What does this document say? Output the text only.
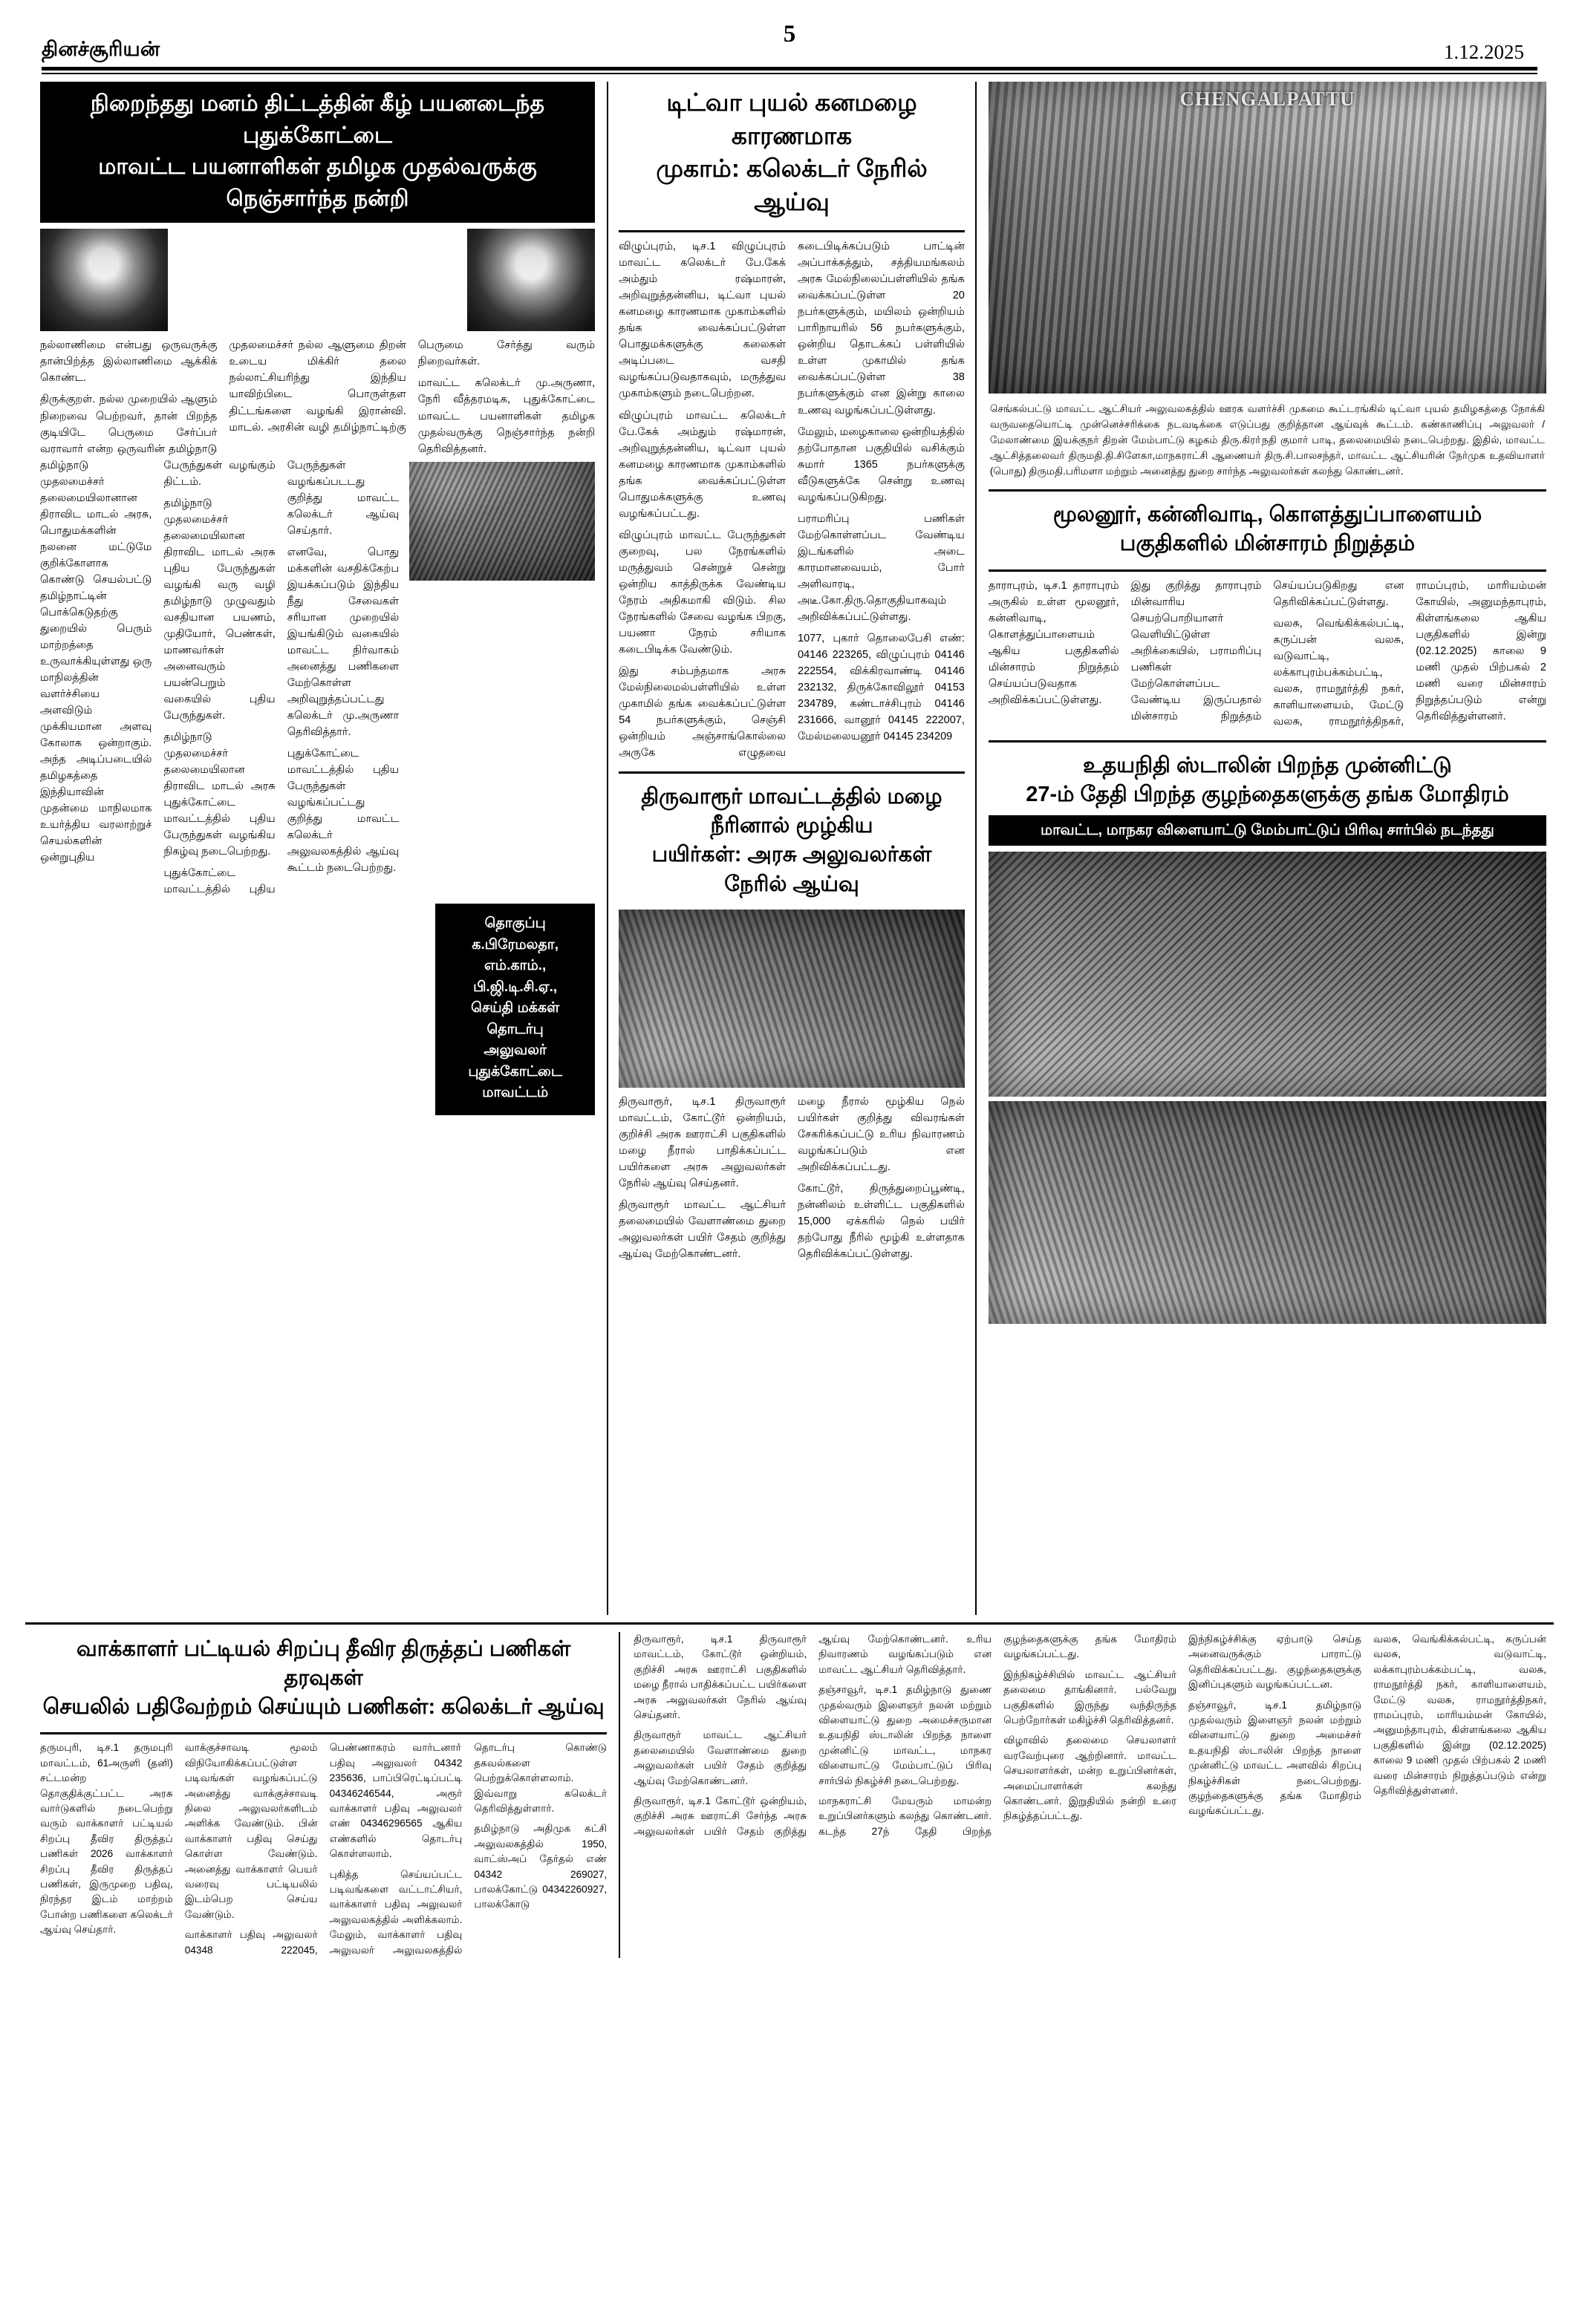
தினச்சூரியன்	1.12.2025
5
நிறைந்தது மனம் திட்டத்தின் கீழ் பயனடைந்த புதுக்கோட்டை
மாவட்ட பயனாளிகள் தமிழக முதல்வருக்கு நெஞ்சார்ந்த நன்றி

நல்லாணிமை என்பது ஒருவருக்கு தான்பிற்த்த இல்லாணிமை ஆக்கிக் கொண்ட.

திருக்குறள். நல்ல முறையில் ஆளும் நிறைவை பெற்றவர், தான் பிறந்த குடியிடே பெருமை சேர்ப்பர் வராவார் என்ற ஒருவரின் தமிழ்நாடு முதலமைச்சர் நல்ல ஆளுமை திறன் உடைய மிக்கிர் தலை நல்லாட்சியரிந்து இந்திய யாவிற்பிடை பொருள்தள திட்டங்களை வழங்கி இரான்வி. மாடல். அரசின் வழி தமிழ்நாட்டிற்கு பெருமை சேர்த்து வரும் நிறைவர்கள்.

மாவட்ட கலெக்டர் மு.அருணா, நேரி வீ‌த்‌‌தரமடிக, புதுக்கோட்டை மாவட்ட பயனாளிகள் தமிழக முதல்வருக்கு நெஞ்சார்ந்த நன்றி தெரிவித்தனர்.

தமிழ்நாடு முதலமைச்சர் தலைமையிலானான திராவிட மாடல் அரசு, பொதுமக்களின் நலனை மட்டுமே குறிக்கோளாக கொண்டு செயல்பட்டு தமிழ்நாட்டின் பொக்கெடுதற்கு துறையில் பெரும் மாற்றத்தை உருவாக்கியுள்ளது ஒரு மாநிலத்தின் வளர்ச்சியை அளவிடும் முக்கியமான அளவு கோலாக ஒன்றாகும். அந்த அடிப்படையில் தமிழகத்தை இந்தியாவின் முதன்மை மாநிலமாக உயர்த்திய வரலாற்றுச் செயல்களின் ஒன்றுபுதிய பேருந்துகள் வழங்கும் திட்டம்.

தமிழ்நாடு முதலமைச்சர் தலைமையிலான திராவிட மாடல் அரசு புதிய பேருந்துகள் வழங்கி வரு வழி தமிழ்நாடு முழுவதும் வசதியான பயணம், முதியோர், பெண்கள், மாணவர்கள் அனைவரும் பயன்பெறும் வகையில் புதிய பேருந்துகள்.

தமிழ்நாடு முதலமைச்சர் தலைமையிலான திராவிட மாடல் அரசு புதுக்கோட்டை மாவட்டத்தில் புதிய பேருந்துகள் வழங்கிய நிகழ்வு நடைபெற்றது.

புதுக்கோட்டை மாவட்டத்தில் புதிய பேருந்துகள் வழங்கப்படடது குறித்து மாவட்ட கலெக்டர் ஆய்வு செய்தார்.

எனவே, பொது மக்களின் வசதிக்கேற்ப இயக்கப்படும் இந்திய நீது சேவைகள் சரியான முறையில் இயங்கிடும் வகையில் மாவட்ட நிர்வாகம் அனைத்து பணிகளை மேற்கொள்ள அறிவுறுத்தப்பட்டது கலெக்டர் மு.அருணா தெரிவித்தார்.

புதுக்கோட்டை மாவட்டத்தில் புதிய பேருந்துகள் வழங்கப்பட்டது குறித்து மாவட்ட கலெக்டர் அலுவலகத்தில் ஆய்வு கூட்டம் நடைபெற்றது.

தொகுப்பு
க.பிரேமலதா,
எம்.காம்., பி.ஜி.டி.சி.ஏ.,
செய்தி மக்கள் தொடர்பு
அலுவலர்
புதுக்கோட்டை மாவட்டம்
டிட்வா புயல் கனமழை காரணமாக
முகாம்: கலெக்டர் நேரில் ஆய்வு

விழுப்புரம், டிச.1 விழுப்புரம் மாவட்ட கலெக்டர் பே.கேக் அம்தும் ரஷ்மாரன், அறிவுறுத்தன்னிய, டிட்வா புயல் கனமழை காரணமாக முகாம்களில் தங்க வைக்கப்பட்டுள்ள பொதுமக்களுக்கு கலைகள் அடிப்படை வசதி வழங்கப்படுவதாகவும், மருத்துவ முகாம்களும் நடைபெற்றன.

விழுப்புரம் மாவட்ட கலெக்டர் பே.கேக் அம்தும் ரஷ்மாரன், அறிவுறுத்தன்னிய, டிட்வா புயல் கனமழை காரணமாக முகாம்களில் தங்க வைக்கப்பட்டுள்ள பொதுமக்களுக்கு உணவு வழங்கப்பட்டது.

விழுப்புரம் மாவட்ட பேருந்துகள் குறைவு, பல நேரங்களில் மருத்துவம் சென்றுச் சென்று ஒன்றிய காத்திருக்க வேண்டிய நேரம் அதிகமாகி விடும். சில நேரங்களில் சேவை வழங்க பிறகு, பயணா நேரம் சரியாக கடைபிடிக்க வேண்டும்.

இது சம்பந்தமாக அரசு மேல்நிலைமல்பள்ளியில் உள்ள முகாமில் தங்க வைக்கப்பட்டுள்ள 54 நபர்களுக்கும், செஞ்சி ஒன்றியம் அஞ்சாங்கொல்லை அருகே எழுதவை கடைபிடிக்கப்படும் பாட்டின் அப்பாக்கத்தும், சத்தியமங்கலம் அரசு மேல்நிலைப்பள்ளியில் தங்க வைக்கப்பட்டுள்ள 20 நபர்களுக்கும், மயிலம் ஒன்றியம் பாரிநாயரில் 56 நபர்களுக்கும், ஒன்றிய தொடக்கப் பள்ளியில் உள்ள முகாமில் தங்க வைக்கப்பட்டுள்ள 38 நபர்களுக்கும் என இன்று காலை உணவு வழங்கப்பட்டுள்ளது.

மேலும், மழைகாலை ஒன்றியத்தில் தற்போதான பகுதியில் வசிக்கும் சுமார் 1365 நபர்களுக்கு வீடுகளுக்கே சென்று உணவு வழங்கப்படுகிறது.

பராமரிப்பு பணிகள் மேற்கொள்ளப்பட வேண்டிய இடங்களில் அடை காரமானவையம், போர் அளிவாரடி, அடீ.கோ.திரு.தொகுதியாகவும் அறிவிக்கப்பட்டுள்ளது.

1077, புகார் தொலைபேசி எண்: 04146 223265, விழுப்புரம் 04146 222554, விக்கிரவாண்டி 04146 232132, திருக்கோவிலூர் 04153 234789, கண்டாச்சிபுரம் 04146 231666, வானூர் 04145 222007, மேல்மலையனூர் 04145 234209

திருவாரூர் மாவட்டத்தில் மழை நீரினால் மூழ்கிய
பயிர்கள்: அரசு அலுவலர்கள் நேரில் ஆய்வு

திருவாரூர், டிச.1 திருவாரூர் மாவட்டம், கோட்டூர் ஒன்றியம், குறிச்சி அரசு ஊராட்சி பகுதிகளில் மழை நீரால் பாதிக்கப்பட்ட பயிர்களை அரசு அலுவலர்கள் நேரில் ஆய்வு செய்தனர்.

திருவாரூர் மாவட்ட ஆட்சியர் தலைமையில் வேளாண்மை துறை அலுவலர்கள் பயிர் சேதம் குறித்து ஆய்வு மேற்கொண்டனர்.

மழை நீரால் மூழ்கிய நெல் பயிர்கள் குறித்து விவரங்கள் சேகரிக்கப்பட்டு உரிய நிவாரணம் வழங்கப்படும் என அறிவிக்கப்பட்டது.

கோட்டூர், திருத்துறைப்பூண்டி, நன்னிலம் உள்ளிட்ட பகுதிகளில் 15,000 ஏக்கரில் நெல் பயிர் தற்போது நீரில் மூழ்கி உள்ளதாக தெரிவிக்கப்பட்டுள்ளது.

CHENGALPATTU
செங்கல்பட்டு மாவட்ட ஆட்சியர் அலுவலகத்தில் ஊரக வளர்ச்சி முகமை கூட்டரங்கில் டிட்வா புயல் தமிழகத்தை நோக்கி வருவதையொட்டி முன்னெச்சரிக்கை நடவடிக்கை எடுப்பது குறித்தான ஆய்வுக் கூட்டம். கண்காணிப்பு அலுவலர் / மேலாண்மை இயக்குநர் திறன் மேம்பாட்டு கழகம் திரு.கிரா்நதி குமார் பாடி, தலைமையில் நடைபெற்றது. இதில், மாவட்ட ஆட்சித்தலைவர் திருமதி.தி.சிளேகா,மாநகராட்சி ஆணையர் திரு.சி.பாலசந்தர், மாவட்ட ஆட்சியரின் நேர்முக உதவியாளர் (பொது) திருமதி.பரிமளா மற்றும் அனைத்து துறை சார்ந்த அலுவலர்கள் கலந்து கொண்டனர்.
மூலனூர், கன்னிவாடி, கொளத்துப்பாளையம்
பகுதிகளில் மின்சாரம் நிறுத்தம்

தாராபுரம், டிச.1 தாராபுரம் அருகில் உள்ள மூலனூர், கன்னிவாடி, கொளத்துப்பாளையம் ஆகிய பகுதிகளில் மின்சாரம் நிறுத்தம் செய்யப்படுவதாக அறிவிக்கப்பட்டுள்ளது.

இது குறித்து தாராபுரம் மின்வாரிய செயற்பொறியாளர் வெளியிட்டுள்ள அறிக்கையில், பராமரிப்பு பணிகள் மேற்கொள்ளப்பட வேண்டிய இருப்பதால் மின்சாரம் நிறுத்தம் செய்யப்படுகிறது என தெரிவிக்கப்பட்டுள்ளது.

வலசு, வெங்கிக்கல்பட்டி, கருப்பன் வலசு, வடுவாட்டி, லக்காபுரம்பக்கம்பட்டி, வலசு, ராமநூர்த்தி நகர், காளியாளையம், மேட்டு வலசு, ராமநூர்த்திநகர், ராமப்புரம், மாரியம்மன் கோயில், அனுமந்தாபுரம், கிள்ளங்கலை ஆகிய பகுதிகளில் இன்று (02.12.2025) காலை 9 மணி முதல் பிற்பகல் 2 மணி வரை மின்சாரம் நிறுத்தப்படும் என்று தெரிவித்துள்ளனர்.

உதயநிதி ஸ்டாலின் பிறந்த முன்னிட்டு
27-ம் தேதி பிறந்த குழந்தைகளுக்கு தங்க மோதிரம்
மாவட்ட, மாநகர விளையாட்டு மேம்பாட்டுப் பிரிவு சார்பில் நடந்தது
வாக்காளர் பட்டியல் சிறப்பு தீவிர திருத்தப் பணிகள் தரவுகள்
செயலில் பதிவேற்றம் செய்யும் பணிகள்: கலெக்டர் ஆய்வு

தருமபுரி, டிச.1 தருமபுரி மாவட்டம், 61அருளி (தனி) சட்டமன்ற தொகுதிக்குட்பட்ட அரசு வார்டுகளில் நடைபெற்று வரும் வாக்காளர் பட்டியல் சிறப்பு தீவிர திருத்தப் பணிகள் 2026 வாக்காளர் சிறப்பு தீவிர திருத்தப் பணிகள், இருமுறை பதிவு, நிரந்தர இடம் மாற்றம் போன்ற பணிகளை கலெக்டர் ஆய்வு செய்தார்.

வாக்குச்சாவடி மூலம் விநியோகிக்கப்பட்டுள்ள படிவங்கள் வழங்கப்பட்டு அனைத்து வாக்குச்சாவடி நிலை அலுவலர்களிடம் அளிக்க வேண்டும். பின் வாக்காளர் பதிவு செய்து கொள்ள வேண்டும். அனைத்து வாக்காளர் பெயர் வரைவு பட்டியலில் இடம்பெற செய்ய வேண்டும்.

வாக்காளர் பதிவு அலுவலர் 04348 222045, பெண்ணாகரம் வார்டனாா் பதிவு அலுவலர் 04342 235636, பாப்பிரெட்டிப்பட்டி 04346246544, அரூர் வாக்காளர் பதிவு அலுவலர் எண் 04346296565 ஆகிய எண்களில் தொடர்பு கொள்ளலாம்.

புகித்த செய்யப்பட்ட படிவங்களை வட்டாட்சியர், வாக்காளர் பதிவு அலுவலர் அலுவலகத்தில் அளிக்கலாம். மேலும், வாக்காளர் பதிவு அலுவலர் அலுவலகத்தில் தொடர்பு கொண்டு தகவல்களை பெற்றுக்கொள்ளலாம். இவ்வாறு கலெக்டர் தெரிவித்துள்ளார்.

தமிழ்நாடு அதிமுக கட்சி அலுவலகத்தில் 1950, வாட்ஸ்அப் தேர்தல் எண் 04342 269027, பாலக்கோட்டு 04342260927, பாலக்கோடு

திருவாரூர், டிச.1 திருவாரூர் மாவட்டம், கோட்டூர் ஒன்றியம், குறிச்சி அரசு ஊராட்சி பகுதிகளில் மழை நீரால் பாதிக்கப்பட்ட பயிர்களை அரசு அலுவலர்கள் நேரில் ஆய்வு செய்தனர்.

திருவாரூர் மாவட்ட ஆட்சியர் தலைமையில் வேளாண்மை துறை அலுவலர்கள் பயிர் சேதம் குறித்து ஆய்வு மேற்கொண்டனர்.

திருவாரூர், டிச.1 கோட்டூர் ஒன்றியம், குறிச்சி அரசு ஊராட்சி சேர்ந்த அரசு அலுவலர்கள் பயிர் சேதம் குறித்து ஆய்வு மேற்கொண்டனர். உரிய நிவாரணம் வழங்கப்படும் என மாவட்ட ஆட்சியர் தெரிவித்தார்.

தஞ்சாவூர், டிச.1 தமிழ்நாடு துணை முதல்வரும் இளைஞர் நலன் மற்றும் விளையாட்டு துறை அமைச்சருமான உதயநிதி ஸ்டாலின் பிறந்த நாளை முன்னிட்டு மாவட்ட, மாநகர விளையாட்டு மேம்பாட்டுப் பிரிவு சார்பில் நிகழ்ச்சி நடைபெற்றது.

மாநகராட்சி மேயரும் மாமன்ற உறுப்பினர்களும் கலந்து கொண்டனர். கடந்த 27ந் தேதி பிறந்த குழந்தைகளுக்கு தங்க மோதிரம் வழங்கப்பட்டது.

இந்நிகழ்ச்சியில் மாவட்ட ஆட்சியர் தலைமை தாங்கினார். பல்வேறு பகுதிகளில் இருந்து வந்திருந்த பெற்றோர்கள் மகிழ்ச்சி தெரிவித்தனர்.

விழாவில் தலைமை செயலாளர் வரவேற்புரை ஆற்றினார். மாவட்ட செயலாளர்கள், மன்ற உறுப்பினர்கள், அமைப்பாளர்கள் கலந்து கொண்டனர். இறுதியில் நன்றி உரை நிகழ்த்தப்பட்டது.

இந்நிகழ்ச்சிக்கு ஏற்பாடு செய்த அனைவருக்கும் பாராட்டு தெரிவிக்கப்பட்டது. குழந்தைகளுக்கு இனிப்புகளும் வழங்கப்பட்டன.

தஞ்சாவூர், டிச.1 தமிழ்நாடு முதல்வரும் இளைஞர் நலன் மற்றும் விளையாட்டு துறை அமைச்சர் உதயநிதி ஸ்டாலின் பிறந்த நாளை முன்னிட்டு மாவட்ட அளவில் சிறப்பு நிகழ்ச்சிகள் நடைபெற்றது. குழந்தைகளுக்கு தங்க மோதிரம் வழங்கப்பட்டது.

வலசு, வெங்கிக்கல்பட்டி, கருப்பன் வலசு, வடுவாட்டி, லக்காபுரம்பக்கம்பட்டி, வலசு, ராமநூர்த்தி நகர், காளியாளையம், மேட்டு வலசு, ராமநூர்த்திநகர், ராமப்புரம், மாரியம்மன் கோயில், அனுமந்தாபுரம், கிள்ளங்கலை ஆகிய பகுதிகளில் இன்று (02.12.2025) காலை 9 மணி முதல் பிற்பகல் 2 மணி வரை மின்சாரம் நிறுத்தப்படும் என்று தெரிவித்துள்ளனர்.
